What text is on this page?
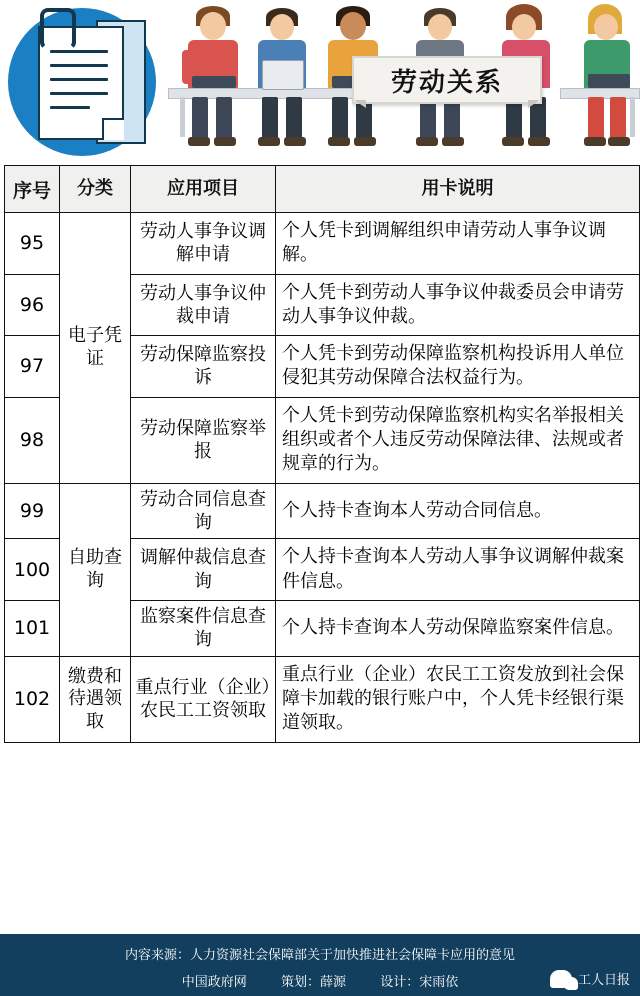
劳动关系
序号	分类	应用项目	用卡说明
95	电子凭证	劳动人事争议调解申请	个人凭卡到调解组织申请劳动人事争议调解。
96		劳动人事争议仲裁申请	个人凭卡到劳动人事争议仲裁委员会申请劳动人事争议仲裁。
97		劳动保障监察投诉	个人凭卡到劳动保障监察机构投诉用人单位侵犯其劳动保障合法权益行为。
98		劳动保障监察举报	个人凭卡到劳动保障监察机构实名举报相关组织或者个人违反劳动保障法律、法规或者规章的行为。
99	自助查询	劳动合同信息查询	个人持卡查询本人劳动合同信息。
100		调解仲裁信息查询	个人持卡查询本人劳动人事争议调解仲裁案件信息。
101		监察案件信息查询	个人持卡查询本人劳动保障监察案件信息。
102	缴费和待遇领取	重点行业（企业）农民工工资领取	重点行业（企业）农民工工资发放到社会保障卡加载的银行账户中，个人凭卡经银行渠道领取。
内容来源：人力资源社会保障部关于加快推进社会保障卡应用的意见
中国政府网	策划：薛源	设计：宋雨依	工人日报
